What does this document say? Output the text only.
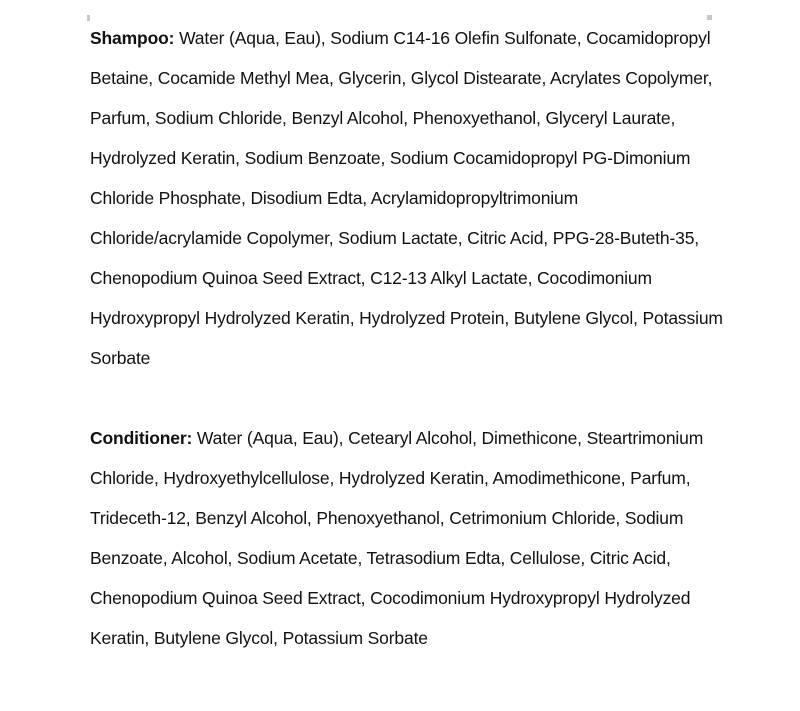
Shampoo: Water (Aqua, Eau), Sodium C14-16 Olefin Sulfonate, Cocamidopropyl Betaine, Cocamide Methyl Mea, Glycerin, Glycol Distearate, Acrylates Copolymer, Parfum, Sodium Chloride, Benzyl Alcohol, Phenoxyethanol, Glyceryl Laurate, Hydrolyzed Keratin, Sodium Benzoate, Sodium Cocamidopropyl PG-Dimonium Chloride Phosphate, Disodium Edta, Acrylamidopropyltrimonium Chloride/acrylamide Copolymer, Sodium Lactate, Citric Acid, PPG-28-Buteth-35, Chenopodium Quinoa Seed Extract, C12-13 Alkyl Lactate, Cocodimonium Hydroxypropyl Hydrolyzed Keratin, Hydrolyzed Protein, Butylene Glycol, Potassium Sorbate

Conditioner: Water (Aqua, Eau), Cetearyl Alcohol, Dimethicone, Steartrimonium Chloride, Hydroxyethylcellulose, Hydrolyzed Keratin, Amodimethicone, Parfum, Trideceth-12, Benzyl Alcohol, Phenoxyethanol, Cetrimonium Chloride, Sodium Benzoate, Alcohol, Sodium Acetate, Tetrasodium Edta, Cellulose, Citric Acid, Chenopodium Quinoa Seed Extract, Cocodimonium Hydroxypropyl Hydrolyzed Keratin, Butylene Glycol, Potassium Sorbate
